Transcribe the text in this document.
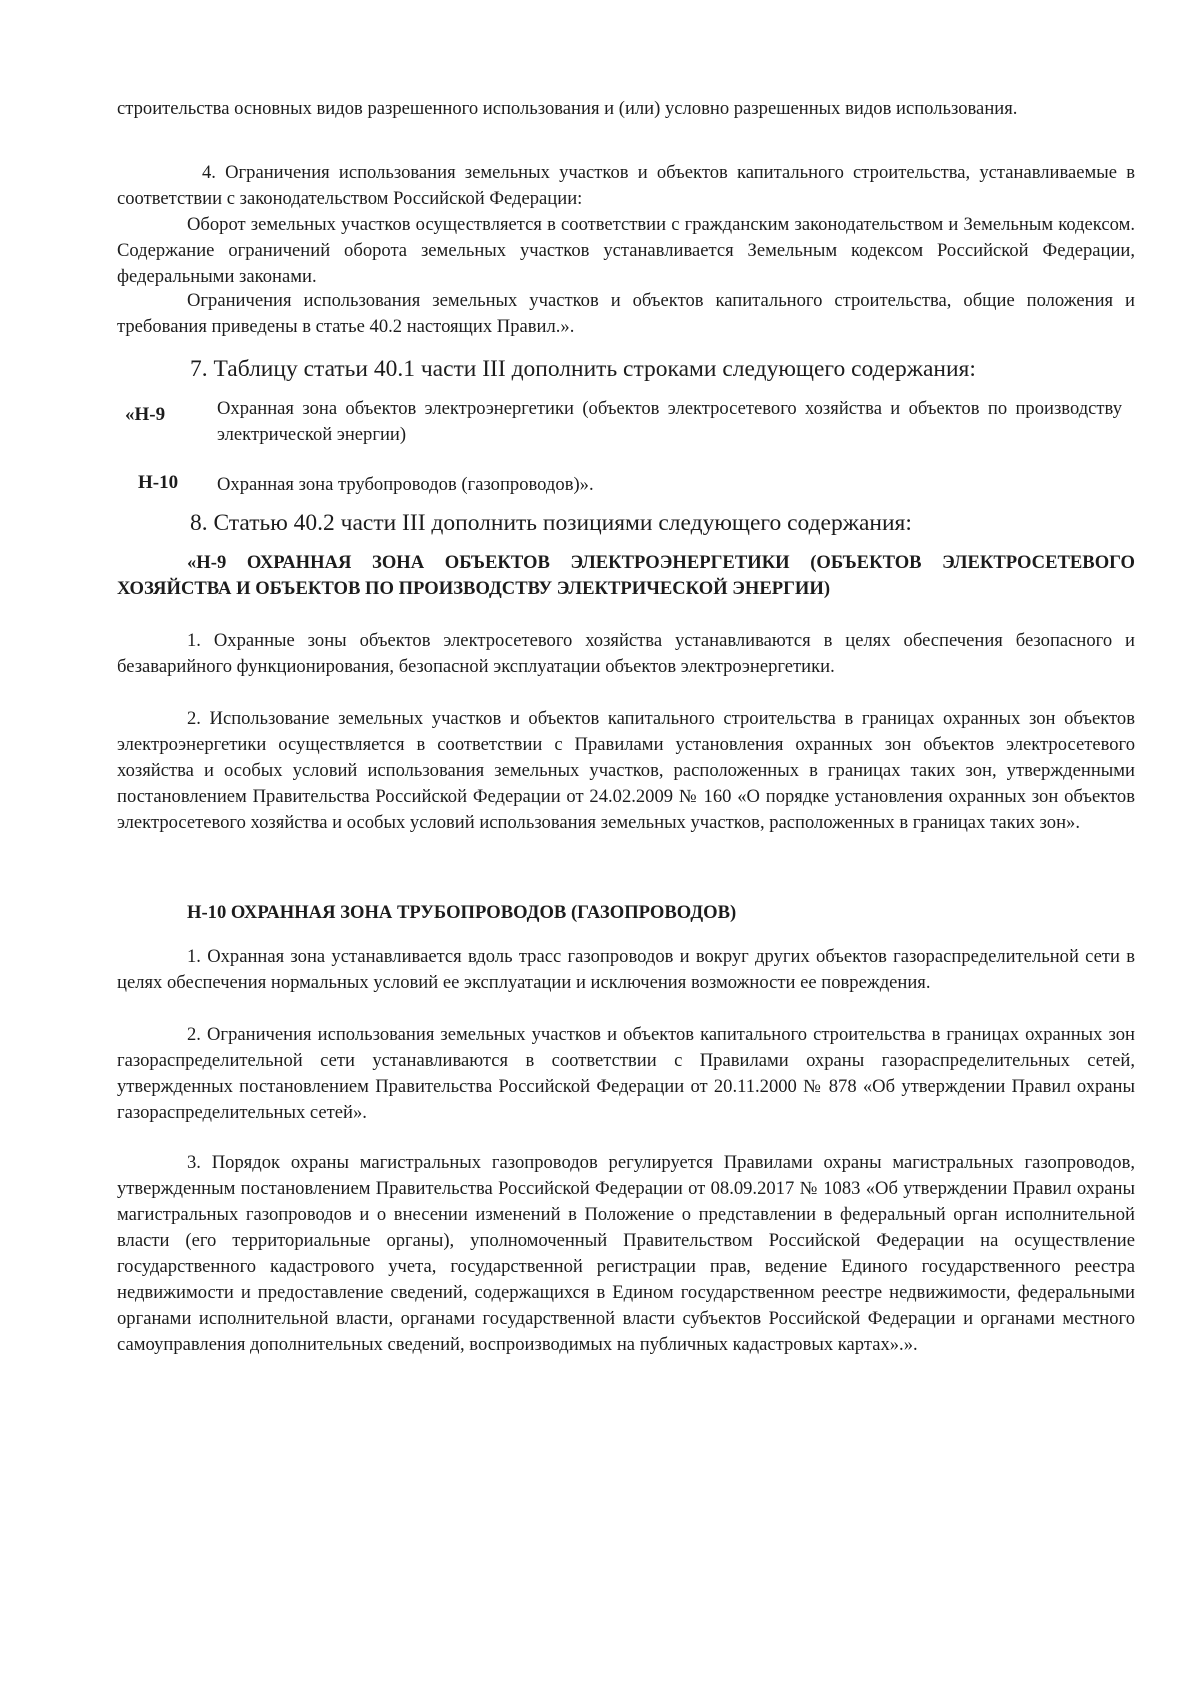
строительства основных видов разрешенного использования и (или) условно разрешенных видов использования.

4. Ограничения использования земельных участков и объектов капитального строительства, устанавливаемые в соответствии с законодательством Российской Федерации:

Оборот земельных участков осуществляется в соответствии с гражданским законодательством и Земельным кодексом. Содержание ограничений оборота земельных участков устанавливается Земельным кодексом Российской Федерации, федеральными законами.

Ограничения использования земельных участков и объектов капитального строительства, общие положения и требования приведены в статье 40.2 настоящих Правил.».

7. Таблицу статьи 40.1 части III дополнить строками следующего содержания:

«Н-9	Охранная зона объектов электроэнергетики (объектов электросетевого хозяйства и объектов по производству электрической энергии)

Н-10 Охранная зона трубопроводов (газопроводов)».

8. Статью 40.2 части III дополнить позициями следующего содержания:

«Н-9 ОХРАННАЯ ЗОНА ОБЪЕКТОВ ЭЛЕКТРОЭНЕРГЕТИКИ (ОБЪЕКТОВ ЭЛЕКТРОСЕТЕВОГО ХОЗЯЙСТВА И ОБЪЕКТОВ ПО ПРОИЗВОДСТВУ ЭЛЕКТРИЧЕСКОЙ ЭНЕРГИИ)

1. Охранные зоны объектов электросетевого хозяйства устанавливаются в целях обеспечения безопасного и безаварийного функционирования, безопасной эксплуатации объектов электроэнергетики.

2. Использование земельных участков и объектов капитального строительства в границах охранных зон объектов электроэнергетики осуществляется в соответствии с Правилами установления охранных зон объектов электросетевого хозяйства и особых условий использования земельных участков, расположенных в границах таких зон, утвержденными постановлением Правительства Российской Федерации от 24.02.2009 № 160 «О порядке установления охранных зон объектов электросетевого хозяйства и особых условий использования земельных участков, расположенных в границах таких зон».

Н-10 ОХРАННАЯ ЗОНА ТРУБОПРОВОДОВ (ГАЗОПРОВОДОВ)

1. Охранная зона устанавливается вдоль трасс газопроводов и вокруг других объектов газораспределительной сети в целях обеспечения нормальных условий ее эксплуатации и исключения возможности ее повреждения.

2. Ограничения использования земельных участков и объектов капитального строительства в границах охранных зон газораспределительной сети устанавливаются в соответствии с Правилами охраны газораспределительных сетей, утвержденных постановлением Правительства Российской Федерации от 20.11.2000 № 878 «Об утверждении Правил охраны газораспределительных сетей».

3. Порядок охраны магистральных газопроводов регулируется Правилами охраны магистральных газопроводов, утвержденным постановлением Правительства Российской Федерации от 08.09.2017 № 1083 «Об утверждении Правил охраны магистральных газопроводов и о внесении изменений в Положение о представлении в федеральный орган исполнительной власти (его территориальные органы), уполномоченный Правительством Российской Федерации на осуществление государственного кадастрового учета, государственной регистрации прав, ведение Единого государственного реестра недвижимости и предоставление сведений, содержащихся в Едином государственном реестре недвижимости, федеральными органами исполнительной власти, органами государственной власти субъектов Российской Федерации и органами местного самоуправления дополнительных сведений, воспроизводимых на публичных кадастровых картах».».
